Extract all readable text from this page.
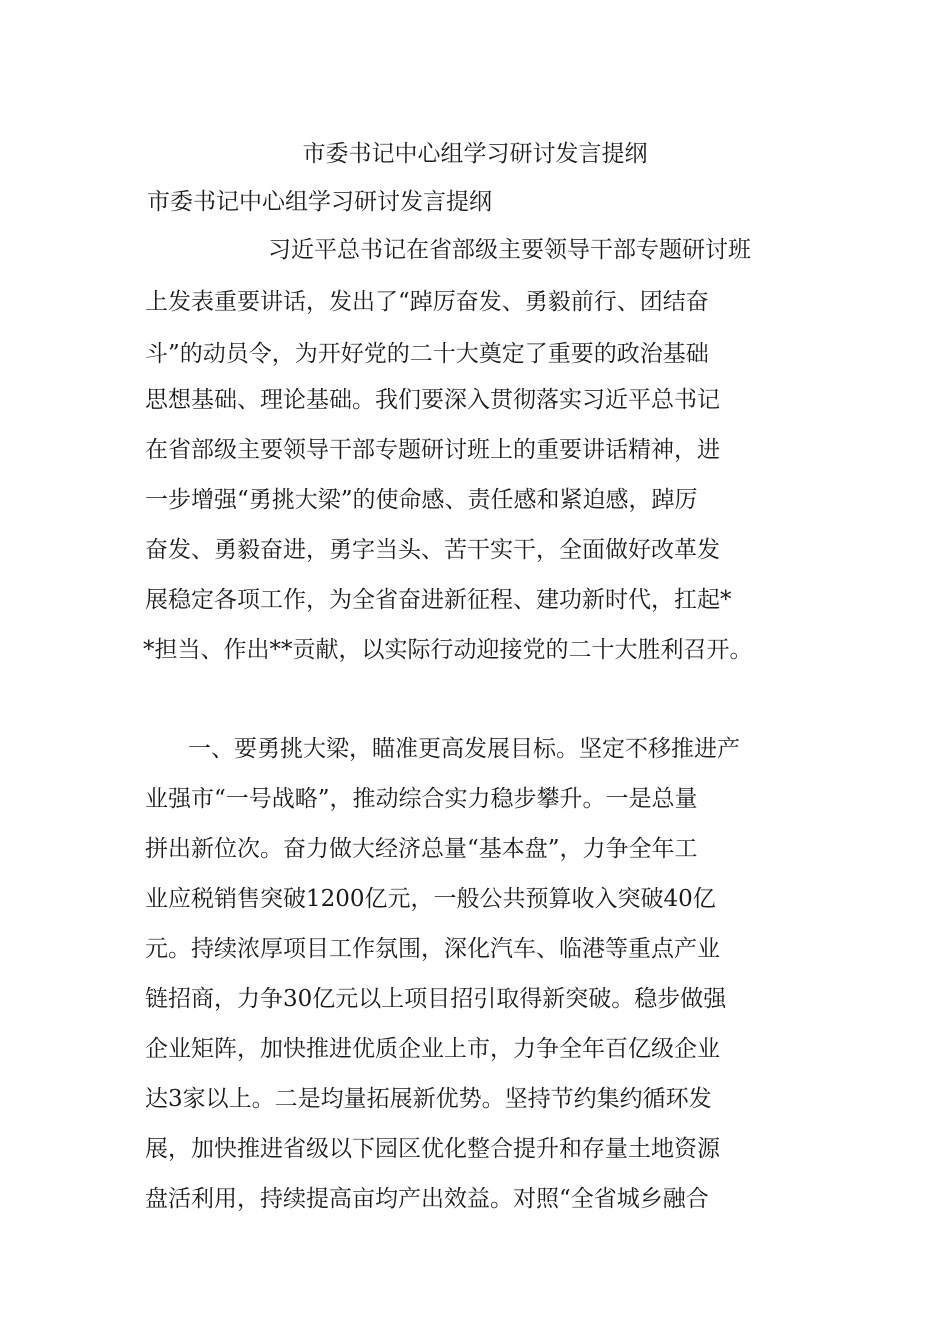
市委书记中心组学习研讨发言提纲

市委书记中心组学习研讨发言提纲

习近平总书记在省部级主要领导干部专题研讨班

上发表重要讲话，发出了“踔厉奋发、勇毅前行、团结奋

斗”的动员令，为开好党的二十大奠定了重要的政治基础

思想基础、理论基础。我们要深入贯彻落实习近平总书记

在省部级主要领导干部专题研讨班上的重要讲话精神，进

一步增强“勇挑大梁”的使命感、责任感和紧迫感，踔厉

奋发、勇毅奋进，勇字当头、苦干实干，全面做好改革发

展稳定各项工作，为全省奋进新征程、建功新时代，扛起*

*担当、作出**贡献，以实际行动迎接党的二十大胜利召开。

一、要勇挑大梁，瞄准更高发展目标。坚定不移推进产

业强市“一号战略”，推动综合实力稳步攀升。一是总量

拼出新位次。奋力做大经济总量“基本盘”，力争全年工

业应税销售突破1200亿元，一般公共预算收入突破40亿

元。持续浓厚项目工作氛围，深化汽车、临港等重点产业

链招商，力争30亿元以上项目招引取得新突破。稳步做强

企业矩阵，加快推进优质企业上市，力争全年百亿级企业

达3家以上。二是均量拓展新优势。坚持节约集约循环发

展，加快推进省级以下园区优化整合提升和存量土地资源

盘活利用，持续提高亩均产出效益。对照“全省城乡融合
